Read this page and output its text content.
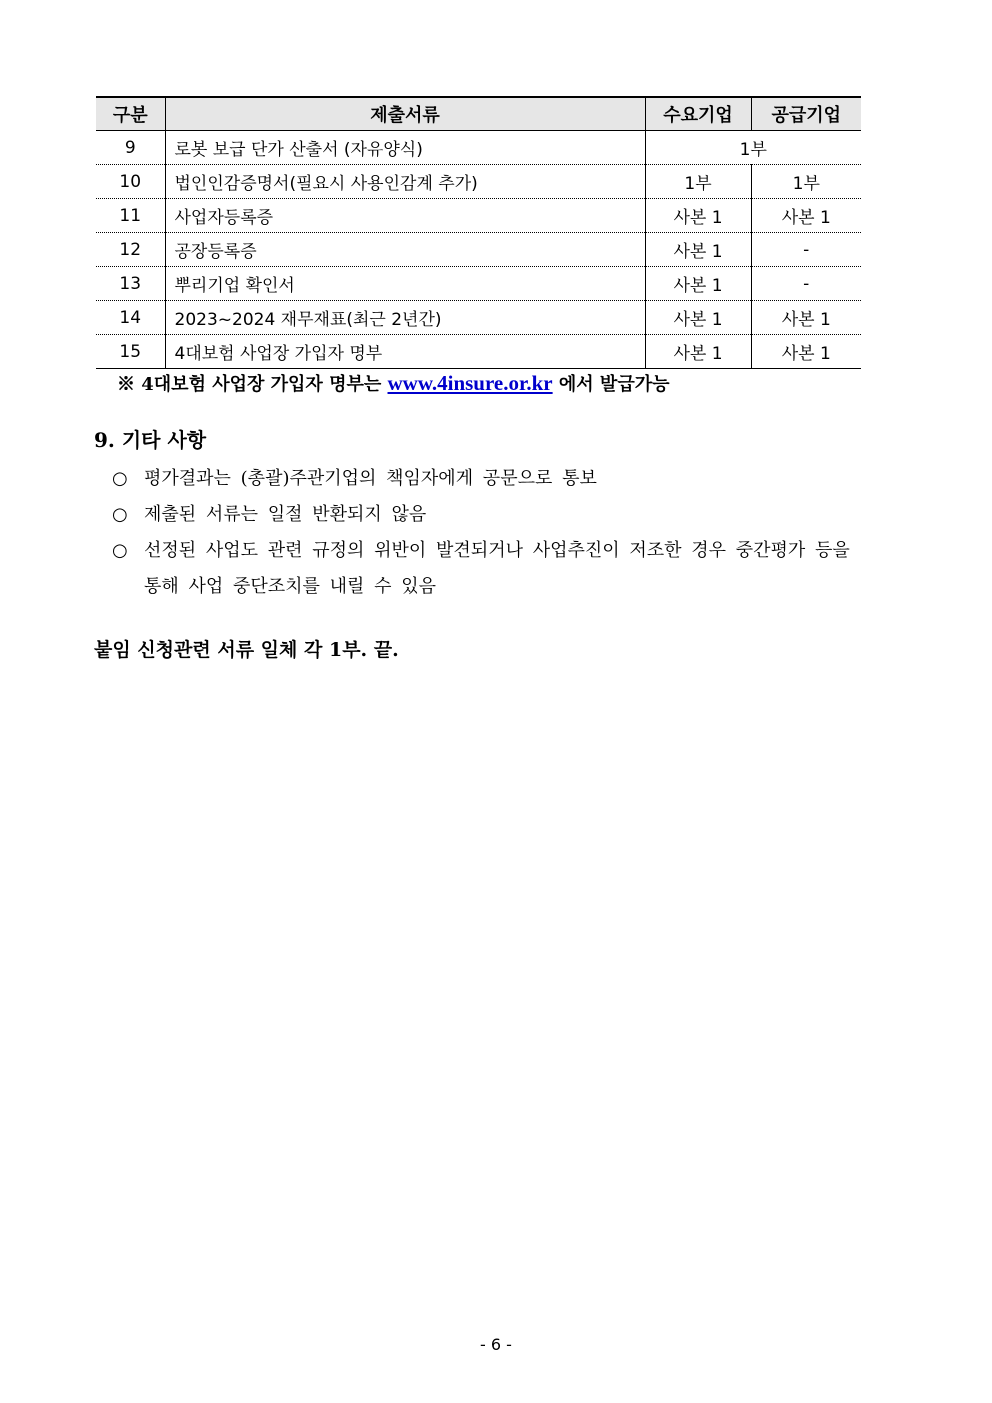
구분	제출서류	수요기업	공급기업
9	로봇 보급 단가 산출서 (자유양식)	1부	
10	법인인감증명서(필요시 사용인감계 추가)	1부	1부
11	사업자등록증	사본 1	사본 1
12	공장등록증	사본 1	-
13	뿌리기업 확인서	사본 1	-
14	2023~2024 재무재표(최근 2년간)	사본 1	사본 1
15	4대보험 사업장 가입자 명부	사본 1	사본 1
※ 4대보험 사업장 가입자 명부는 www.4insure.or.kr 에서 발급가능
9. 기타 사항
○ 평가결과는 (총괄)주관기업의 책임자에게 공문으로 통보
○ 제출된 서류는 일절 반환되지 않음
○ 선정된 사업도 관련 규정의 위반이 발견되거나 사업추진이 저조한 경우 중간평가 등을
통해 사업 중단조치를 내릴 수 있음
붙임 신청관련 서류 일체 각 1부. 끝.
- 6 -
